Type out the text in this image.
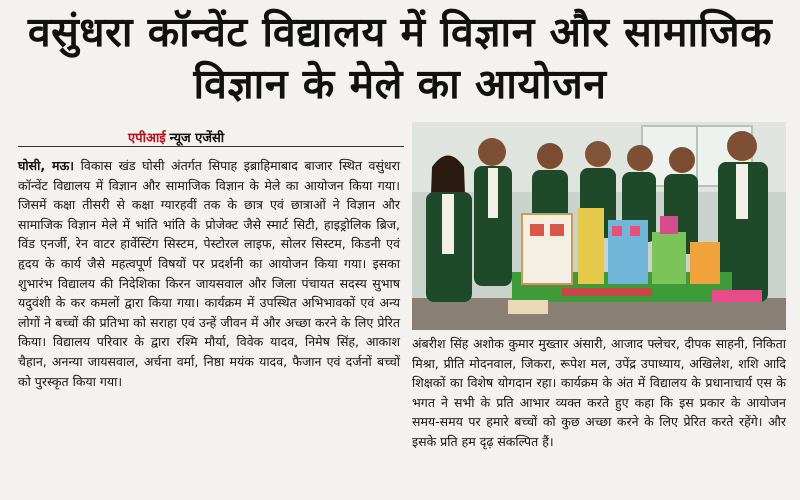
वसुंधरा कॉन्वेंट विद्यालय में विज्ञान और सामाजिक विज्ञान के मेले का आयोजन
एपीआई न्यूज एजेंसी
घोसी, मऊ। विकास खंड घोसी अंतर्गत सिपाह इब्राहिमाबाद बाजार स्थित वसुंधरा कॉन्वेंट विद्यालय में विज्ञान और सामाजिक विज्ञान के मेले का आयोजन किया गया। जिसमें कक्षा तीसरी से कक्षा ग्यारहवीं तक के छात्र एवं छात्राओं ने विज्ञान और सामाजिक विज्ञान मेले में भांति भांति के प्रोजेक्ट जैसे स्मार्ट सिटी, हाइड्रोलिक ब्रिज, विंड एनर्जी, रेन वाटर हार्वेस्टिंग सिस्टम, पेस्टोरल लाइफ, सोलर सिस्टम, किडनी एवं हृदय के कार्य जैसे महत्वपूर्ण विषयों पर प्रदर्शनी का आयोजन किया गया। इसका शुभारंभ विद्यालय की निदेशिका किरन जायसवाल और जिला पंचायत सदस्य सुभाष यदुवंशी के कर कमलों द्वारा किया गया। कार्यक्रम में उपस्थित अभिभावकों एवं अन्य लोगों ने बच्चों की प्रतिभा को सराहा एवं उन्हें जीवन में और अच्छा करने के लिए प्रेरित किया। विद्यालय परिवार के द्वारा रश्मि मौर्या, विवेक यादव, निमेष सिंह, आकाश चैहान, अनन्या जायसवाल, अर्चना वर्मा, निष्ठा मयंक यादव, फैजान एवं दर्जनों बच्चों को पुरस्कृत किया गया।
अंबरीश सिंह अशोक कुमार मुख्तार अंसारी, आजाद फ्लेचर, दीपक साहनी, निकिता मिश्रा, प्रीति मोदनवाल, जिकरा, रूपेश मल, उपेंद्र उपाध्याय, अखिलेश, शशि आदि शिक्षकों का विशेष योगदान रहा। कार्यक्रम के अंत में विद्यालय के प्रधानाचार्य एस के भगत ने सभी के प्रति आभार व्यक्त करते हुए कहा कि इस प्रकार के आयोजन समय-समय पर हमारे बच्चों को कुछ अच्छा करने के लिए प्रेरित करते रहेंगे। और इसके प्रति हम दृढ़ संकल्पित हैं।
